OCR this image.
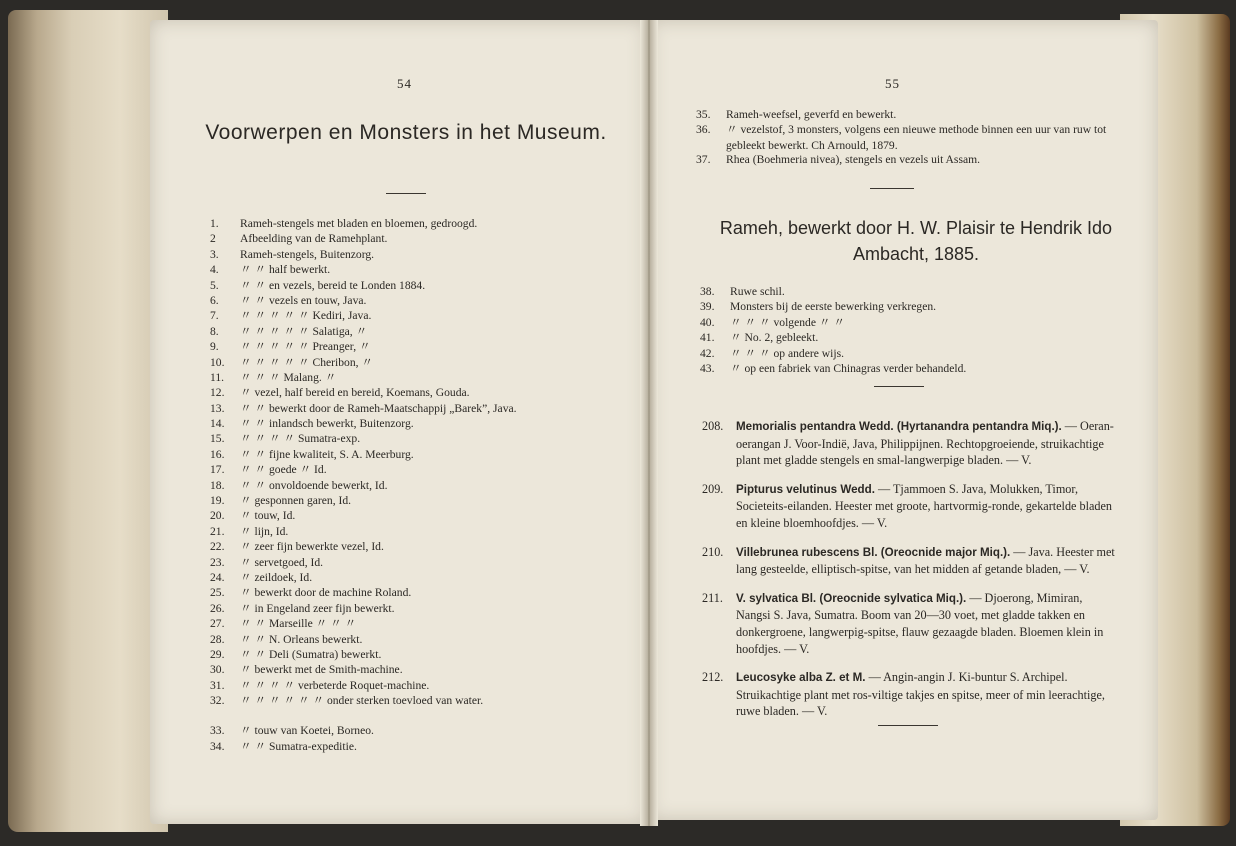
54
Voorwerpen en Monsters in het Museum.
1.	Rameh-stengels met bladen en bloemen, gedroogd.
2	Afbeelding van de Ramehplant.
3.	Rameh-stengels, Buitenzorg.
4.	〃 〃 half bewerkt.
5.	〃 〃 en vezels, bereid te Londen 1884.
6.	〃 〃 vezels en touw, Java.
7.	〃 〃 〃 〃 〃 Kediri, Java.
8.	〃 〃 〃 〃 〃 Salatiga, 〃
9.	〃 〃 〃 〃 〃 Preanger, 〃
10.	〃 〃 〃 〃 〃 Cheribon, 〃
11.	〃 〃 〃 Malang. 〃
12.	〃 vezel, half bereid en bereid, Koemans, Gouda.
13.	〃 〃 bewerkt door de Rameh-Maatschappij „Barek”, Java.
14.	〃 〃 inlandsch bewerkt, Buitenzorg.
15.	〃 〃 〃 〃 Sumatra-exp.
16.	〃 〃 fijne kwaliteit, S. A. Meerburg.
17.	〃 〃 goede 〃 Id.
18.	〃 〃 onvoldoende bewerkt, Id.
19.	〃 gesponnen garen, Id.
20.	〃 touw, Id.
21.	〃 lijn, Id.
22.	〃 zeer fijn bewerkte vezel, Id.
23.	〃 servetgoed, Id.
24.	〃 zeildoek, Id.
25.	〃 bewerkt door de machine Roland.
26.	〃 in Engeland zeer fijn bewerkt.
27.	〃 〃 Marseille 〃 〃 〃
28.	〃 〃 N. Orleans bewerkt.
29.	〃 〃 Deli (Sumatra) bewerkt.
30.	〃 bewerkt met de Smith-machine.
31.	〃 〃 〃 〃 verbeterde Roquet-machine.
32.	〃 〃 〃 〃 〃 〃 onder sterken toevloed van water.
33.	〃 touw van Koetei, Borneo.
34.	〃 〃 Sumatra-expeditie.
55
35.	Rameh-weefsel, geverfd en bewerkt.
36.	〃 vezelstof, 3 monsters, volgens een nieuwe methode binnen een uur van ruw tot gebleekt bewerkt. Ch Arnould, 1879.
37.	Rhea (Boehmeria nivea), stengels en vezels uit Assam.
Rameh, bewerkt door H. W. Plaisir te Hendrik Ido Ambacht, 1885.
38.	Ruwe schil.
39.	Monsters bij de eerste bewerking verkregen.
40.	〃 〃 〃 volgende 〃 〃
41.	〃 No. 2, gebleekt.
42.	〃 〃 〃 op andere wijs.
43.	〃 op een fabriek van Chinagras verder behandeld.
208. Memorialis pentandra Wedd. (Hyrtanandra pentandra Miq.). — Oeran-oerangan J. Voor-Indië, Java, Philippijnen. Rechtopgroeiende, struikachtige plant met gladde stengels en smal-langwerpige bladen. — V.
209. Pipturus velutinus Wedd. — Tjammoen S. Java, Molukken, Timor, Societeits-eilanden. Heester met groote, hartvormig-ronde, gekartelde bladen en kleine bloemhoofdjes. — V.
210. Villebrunea rubescens Bl. (Oreocnide major Miq.). — Java. Heester met lang gesteelde, elliptisch-spitse, van het midden af getande bladen, — V.
211. V. sylvatica Bl. (Oreocnide sylvatica Miq.). — Djoerong, Mimiran, Nangsi S. Java, Sumatra. Boom van 20—30 voet, met gladde takken en donkergroene, langwerpig-spitse, flauw gezaagde bladen. Bloemen klein in hoofdjes. — V.
212. Leucosyke alba Z. et M. — Angin-angin J. Ki-buntur S. Archipel. Struikachtige plant met ros-viltige takjes en spitse, meer of min leerachtige, ruwe bladen. — V.
